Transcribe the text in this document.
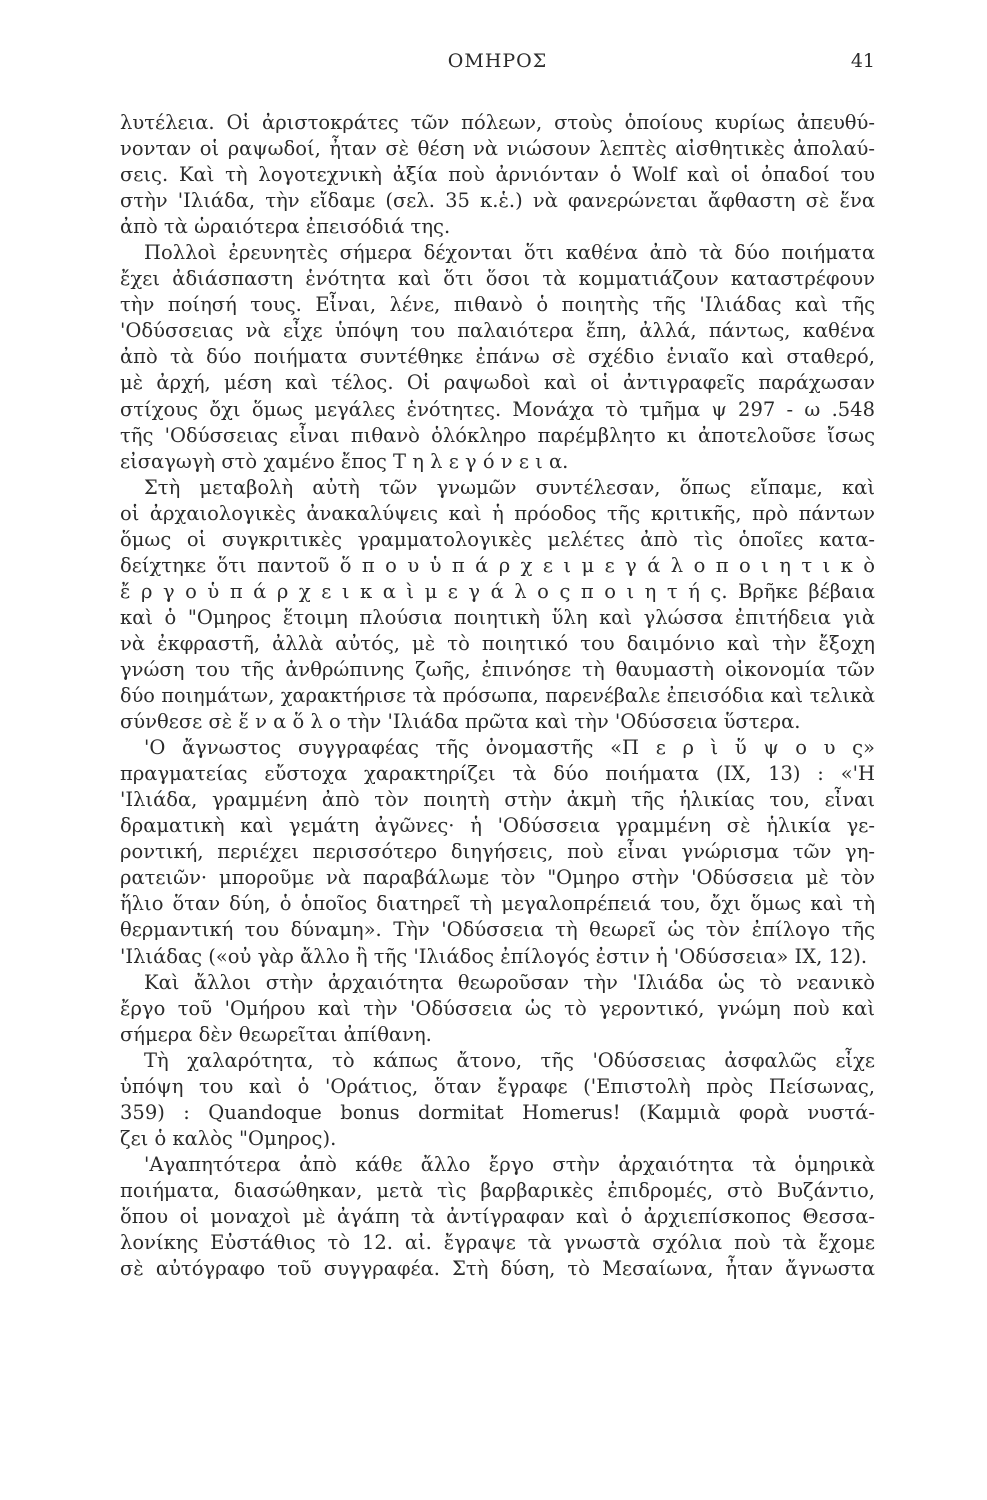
ΟΜΗΡΟΣ	41
λυτέλεια. Οἱ ἀριστοκράτες τῶν πόλεων, στοὺς ὁποίους κυρίως ἀπευθύ-
νονταν οἱ ραψωδοί, ἦταν σὲ θέση νὰ νιώσουν λεπτὲς αἰσθητικὲς ἀπολαύ-
σεις. Καὶ τὴ λογοτεχνικὴ ἀξία ποὺ ἀρνιόνταν ὁ Wolf καὶ οἱ ὀπαδοί του
στὴν 'Ιλιάδα, τὴν εἴδαμε (σελ. 35 κ.ἑ.) νὰ φανερώνεται ἄφθαστη σὲ ἕνα
ἀπὸ τὰ ὡραιότερα ἐπεισόδιά της.
Πολλοὶ ἐρευνητὲς σήμερα δέχονται ὅτι καθένα ἀπὸ τὰ δύο ποιήματα
ἔχει ἀδιάσπαστη ἑνότητα καὶ ὅτι ὅσοι τὰ κομματιάζουν καταστρέφουν
τὴν ποίησή τους. Εἶναι, λένε, πιθανὸ ὁ ποιητὴς τῆς 'Ιλιάδας καὶ τῆς
'Οδύσσειας νὰ εἶχε ὑπόψη του παλαιότερα ἔπη, ἀλλά, πάντως, καθένα
ἀπὸ τὰ δύο ποιήματα συντέθηκε ἐπάνω σὲ σχέδιο ἑνιαῖο καὶ σταθερό,
μὲ ἀρχή, μέση καὶ τέλος. Οἱ ραψωδοὶ καὶ οἱ ἀντιγραφεῖς παράχωσαν
στίχους ὄχι ὅμως μεγάλες ἑνότητες. Μονάχα τὸ τμῆμα ψ 297 - ω .548
τῆς 'Οδύσσειας εἶναι πιθανὸ ὁλόκληρο παρέμβλητο κι ἀποτελοῦσε ἴσως
εἰσαγωγὴ στὸ χαμένο ἔπος Τ η λ ε γ ό ν ε ι α.
Στὴ μεταβολὴ αὐτὴ τῶν γνωμῶν συντέλεσαν, ὅπως εἴπαμε, καὶ
οἱ ἀρχαιολογικὲς ἀνακαλύψεις καὶ ἡ πρόοδος τῆς κριτικῆς, πρὸ πάντων
ὅμως οἱ συγκριτικὲς γραμματολογικὲς μελέτες ἀπὸ τὶς ὁποῖες κατα-
δείχτηκε ὅτι παντοῦ ὅ π ο υ ὑ π ά ρ χ ε ι μ ε γ ά λ ο π ο ι η τ ι κ ὸ
ἔ ρ γ ο ὑ π ά ρ χ ε ι κ α ὶ μ ε γ ά λ ο ς π ο ι η τ ή ς. Βρῆκε βέβαια
καὶ ὁ "Ομηρος ἕτοιμη πλούσια ποιητικὴ ὕλη καὶ γλώσσα ἐπιτήδεια γιὰ
νὰ ἐκφραστῆ, ἀλλὰ αὐτός, μὲ τὸ ποιητικό του δαιμόνιο καὶ τὴν ἔξοχη
γνώση του τῆς ἀνθρώπινης ζωῆς, ἐπινόησε τὴ θαυμαστὴ οἰκονομία τῶν
δύο ποιημάτων, χαρακτήρισε τὰ πρόσωπα, παρενέβαλε ἐπεισόδια καὶ τελικὰ
σύνθεσε σὲ ἕ ν α ὅ λ ο τὴν 'Ιλιάδα πρῶτα καὶ τὴν 'Οδύσσεια ὕστερα.
'Ο ἄγνωστος συγγραφέας τῆς ὀνομαστῆς «Π ε ρ ὶ ὕ ψ ο υ ς»
πραγματείας εὔστοχα χαρακτηρίζει τὰ δύο ποιήματα (ΙΧ, 13) : «'Η
'Ιλιάδα, γραμμένη ἀπὸ τὸν ποιητὴ στὴν ἀκμὴ τῆς ἡλικίας του, εἶναι
δραματικὴ καὶ γεμάτη ἀγῶνες· ἡ 'Οδύσσεια γραμμένη σὲ ἡλικία γε-
ροντική, περιέχει περισσότερο διηγήσεις, ποὺ εἶναι γνώρισμα τῶν γη-
ρατειῶν· μποροῦμε νὰ παραβάλωμε τὸν "Ομηρο στὴν 'Οδύσσεια μὲ τὸν
ἥλιο ὅταν δύη, ὁ ὁποῖος διατηρεῖ τὴ μεγαλοπρέπειά του, ὄχι ὅμως καὶ τὴ
θερμαντική του δύναμη». Τὴν 'Οδύσσεια τὴ θεωρεῖ ὡς τὸν ἐπίλογο τῆς
'Ιλιάδας («οὐ γὰρ ἄλλο ἢ τῆς 'Ιλιάδος ἐπίλογός ἐστιν ἡ 'Οδύσσεια» ΙΧ, 12).
Καὶ ἄλλοι στὴν ἀρχαιότητα θεωροῦσαν τὴν 'Ιλιάδα ὡς τὸ νεανικὸ
ἔργο τοῦ 'Ομήρου καὶ τὴν 'Οδύσσεια ὡς τὸ γεροντικό, γνώμη ποὺ καὶ
σήμερα δὲν θεωρεῖται ἀπίθανη.
Τὴ χαλαρότητα, τὸ κάπως ἄτονο, τῆς 'Οδύσσειας ἀσφαλῶς εἶχε
ὑπόψη του καὶ ὁ 'Οράτιος, ὅταν ἔγραφε ('Επιστολὴ πρὸς Πείσωνας,
359) : Quandoque bonus dormitat Homerus! (Καμμιὰ φορὰ νυστά-
ζει ὁ καλὸς "Ομηρος).
'Αγαπητότερα ἀπὸ κάθε ἄλλο ἔργο στὴν ἀρχαιότητα τὰ ὁμηρικὰ
ποιήματα, διασώθηκαν, μετὰ τὶς βαρβαρικὲς ἐπιδρομές, στὸ Βυζάντιο,
ὅπου οἱ μοναχοὶ μὲ ἀγάπη τὰ ἀντίγραφαν καὶ ὁ ἀρχιεπίσκοπος Θεσσα-
λονίκης Εὐστάθιος τὸ 12. αἰ. ἔγραψε τὰ γνωστὰ σχόλια ποὺ τὰ ἔχομε
σὲ αὐτόγραφο τοῦ συγγραφέα. Στὴ δύση, τὸ Μεσαίωνα, ἦταν ἄγνωστα
